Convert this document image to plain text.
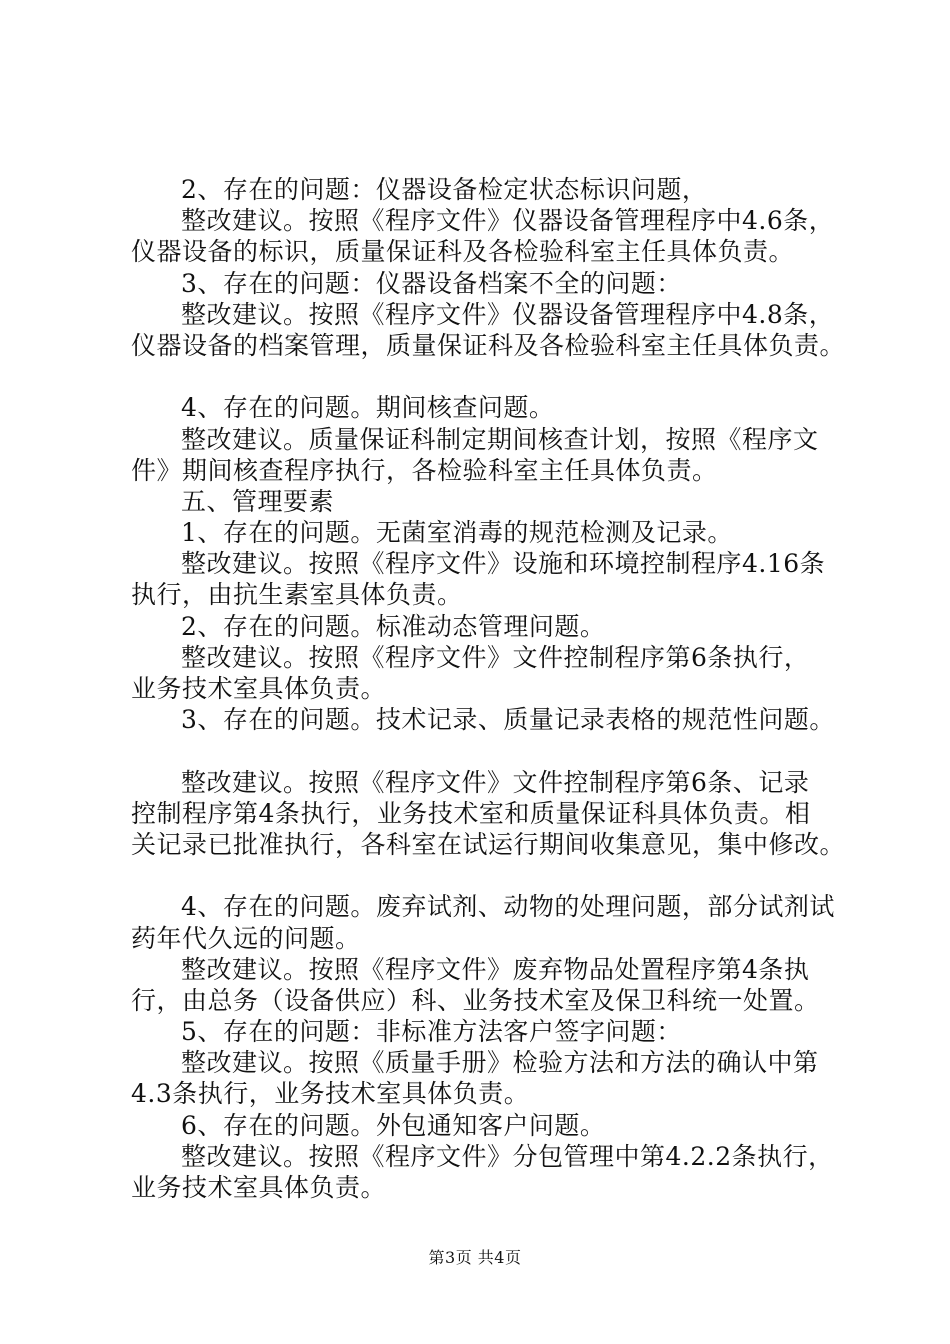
2、存在的问题：仪器设备检定状态标识问题，
整改建议。按照《程序文件》仪器设备管理程序中4.6条，
仪器设备的标识，质量保证科及各检验科室主任具体负责。
3、存在的问题：仪器设备档案不全的问题：
整改建议。按照《程序文件》仪器设备管理程序中4.8条，
仪器设备的档案管理，质量保证科及各检验科室主任具体负责。
4、存在的问题。期间核查问题。
整改建议。质量保证科制定期间核查计划，按照《程序文
件》期间核查程序执行，各检验科室主任具体负责。
五、管理要素
1、存在的问题。无菌室消毒的规范检测及记录。
整改建议。按照《程序文件》设施和环境控制程序4.16条
执行，由抗生素室具体负责。
2、存在的问题。标准动态管理问题。
整改建议。按照《程序文件》文件控制程序第6条执行，
业务技术室具体负责。
3、存在的问题。技术记录、质量记录表格的规范性问题。
整改建议。按照《程序文件》文件控制程序第6条、记录
控制程序第4条执行，业务技术室和质量保证科具体负责。相
关记录已批准执行，各科室在试运行期间收集意见，集中修改。
4、存在的问题。废弃试剂、动物的处理问题，部分试剂试
药年代久远的问题。
整改建议。按照《程序文件》废弃物品处置程序第4条执
行，由总务（设备供应）科、业务技术室及保卫科统一处置。
5、存在的问题：非标准方法客户签字问题：
整改建议。按照《质量手册》检验方法和方法的确认中第
4.3条执行，业务技术室具体负责。
6、存在的问题。外包通知客户问题。
整改建议。按照《程序文件》分包管理中第4.2.2条执行，
业务技术室具体负责。
第3页 共4页
